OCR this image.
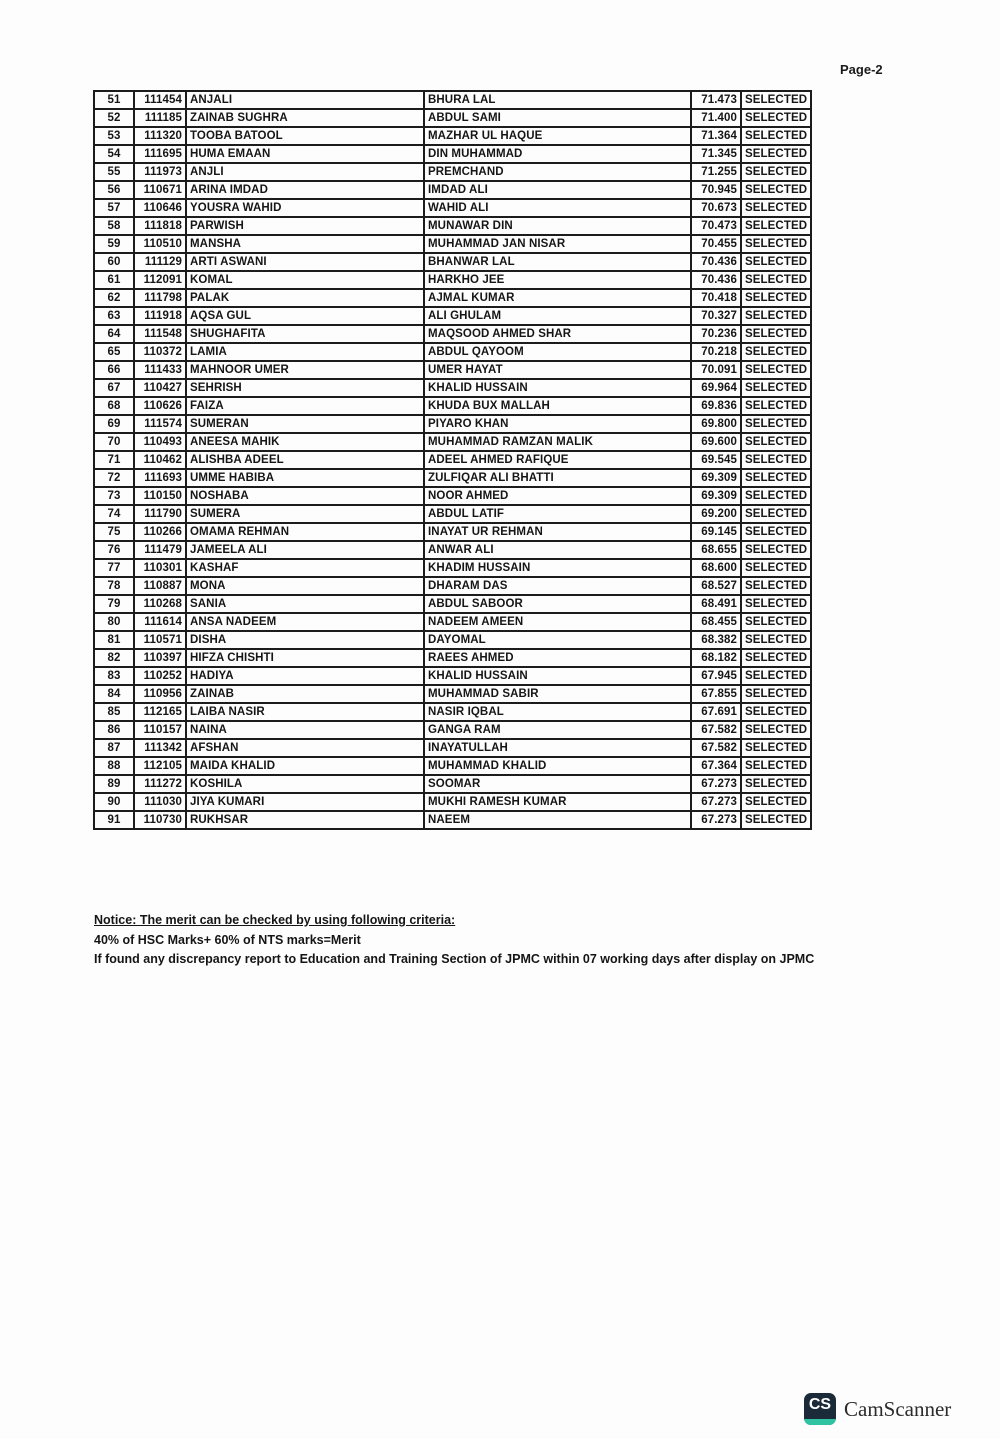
Page-2
51	111454	ANJALI	BHURA LAL	71.473	SELECTED
52	111185	ZAINAB SUGHRA	ABDUL SAMI	71.400	SELECTED
53	111320	TOOBA BATOOL	MAZHAR UL HAQUE	71.364	SELECTED
54	111695	HUMA EMAAN	DIN MUHAMMAD	71.345	SELECTED
55	111973	ANJLI	PREMCHAND	71.255	SELECTED
56	110671	ARINA IMDAD	IMDAD ALI	70.945	SELECTED
57	110646	YOUSRA WAHID	WAHID ALI	70.673	SELECTED
58	111818	PARWISH	MUNAWAR DIN	70.473	SELECTED
59	110510	MANSHA	MUHAMMAD JAN NISAR	70.455	SELECTED
60	111129	ARTI ASWANI	BHANWAR LAL	70.436	SELECTED
61	112091	KOMAL	HARKHO JEE	70.436	SELECTED
62	111798	PALAK	AJMAL KUMAR	70.418	SELECTED
63	111918	AQSA GUL	ALI GHULAM	70.327	SELECTED
64	111548	SHUGHAFITA	MAQSOOD AHMED SHAR	70.236	SELECTED
65	110372	LAMIA	ABDUL QAYOOM	70.218	SELECTED
66	111433	MAHNOOR UMER	UMER HAYAT	70.091	SELECTED
67	110427	SEHRISH	KHALID HUSSAIN	69.964	SELECTED
68	110626	FAIZA	KHUDA BUX MALLAH	69.836	SELECTED
69	111574	SUMERAN	PIYARO KHAN	69.800	SELECTED
70	110493	ANEESA MAHIK	MUHAMMAD RAMZAN MALIK	69.600	SELECTED
71	110462	ALISHBA ADEEL	ADEEL AHMED RAFIQUE	69.545	SELECTED
72	111693	UMME HABIBA	ZULFIQAR ALI BHATTI	69.309	SELECTED
73	110150	NOSHABA	NOOR AHMED	69.309	SELECTED
74	111790	SUMERA	ABDUL LATIF	69.200	SELECTED
75	110266	OMAMA REHMAN	INAYAT UR REHMAN	69.145	SELECTED
76	111479	JAMEELA ALI	ANWAR ALI	68.655	SELECTED
77	110301	KASHAF	KHADIM HUSSAIN	68.600	SELECTED
78	110887	MONA	DHARAM DAS	68.527	SELECTED
79	110268	SANIA	ABDUL SABOOR	68.491	SELECTED
80	111614	ANSA NADEEM	NADEEM AMEEN	68.455	SELECTED
81	110571	DISHA	DAYOMAL	68.382	SELECTED
82	110397	HIFZA CHISHTI	RAEES AHMED	68.182	SELECTED
83	110252	HADIYA	KHALID HUSSAIN	67.945	SELECTED
84	110956	ZAINAB	MUHAMMAD SABIR	67.855	SELECTED
85	112165	LAIBA NASIR	NASIR IQBAL	67.691	SELECTED
86	110157	NAINA	GANGA RAM	67.582	SELECTED
87	111342	AFSHAN	INAYATULLAH	67.582	SELECTED
88	112105	MAIDA KHALID	MUHAMMAD KHALID	67.364	SELECTED
89	111272	KOSHILA	SOOMAR	67.273	SELECTED
90	111030	JIYA KUMARI	MUKHI RAMESH KUMAR	67.273	SELECTED
91	110730	RUKHSAR	NAEEM	67.273	SELECTED
Notice: The merit can be checked by using following criteria:
40% of HSC Marks+ 60% of NTS marks=Merit
If found any discrepancy report to Education and Training Section of JPMC within 07 working days after display on JPMC
CS CamScanner
